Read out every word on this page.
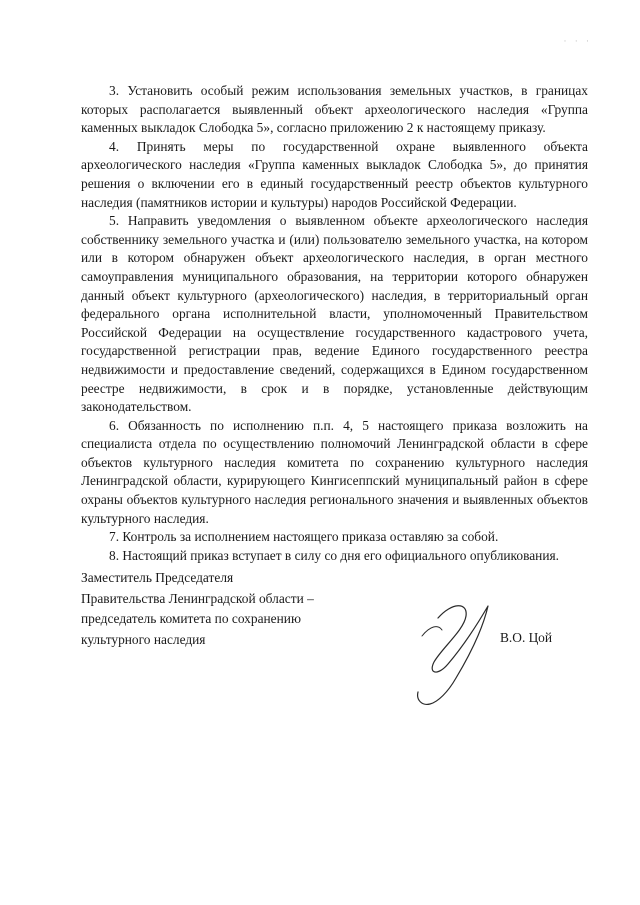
· · ·

3. Установить особый режим использования земельных участков, в границах которых располагается выявленный объект археологического наследия «Группа каменных выкладок Слободка 5», согласно приложению 2 к настоящему приказу.

4. Принять меры по государственной охране выявленного объекта археологического наследия «Группа каменных выкладок Слободка 5», до принятия решения о включении его в единый государственный реестр объектов культурного наследия (памятников истории и культуры) народов Российской Федерации.

5. Направить уведомления о выявленном объекте археологического наследия собственнику земельного участка и (или) пользователю земельного участка, на котором или в котором обнаружен объект археологического наследия, в орган местного самоуправления муниципального образования, на территории которого обнаружен данный объект культурного (археологического) наследия, в территориальный орган федерального органа исполнительной власти, уполномоченный Правительством Российской Федерации на осуществление государственного кадастрового учета, государственной регистрации прав, ведение Единого государственного реестра недвижимости и предоставление сведений, содержащихся в Едином государственном реестре недвижимости, в срок и в порядке, установленные действующим законодательством.

6. Обязанность по исполнению п.п. 4, 5 настоящего приказа возложить на специалиста отдела по осуществлению полномочий Ленинградской области в сфере объектов культурного наследия комитета по сохранению культурного наследия Ленинградской области, курирующего Кингисеппский муниципальный район в сфере охраны объектов культурного наследия регионального значения и выявленных объектов культурного наследия.

7. Контроль за исполнением настоящего приказа оставляю за собой.

8. Настоящий приказ вступает в силу со дня его официального опубликования.

Заместитель Председателя
Правительства Ленинградской области –
председатель комитета по сохранению
культурного наследия	В.О. Цой
